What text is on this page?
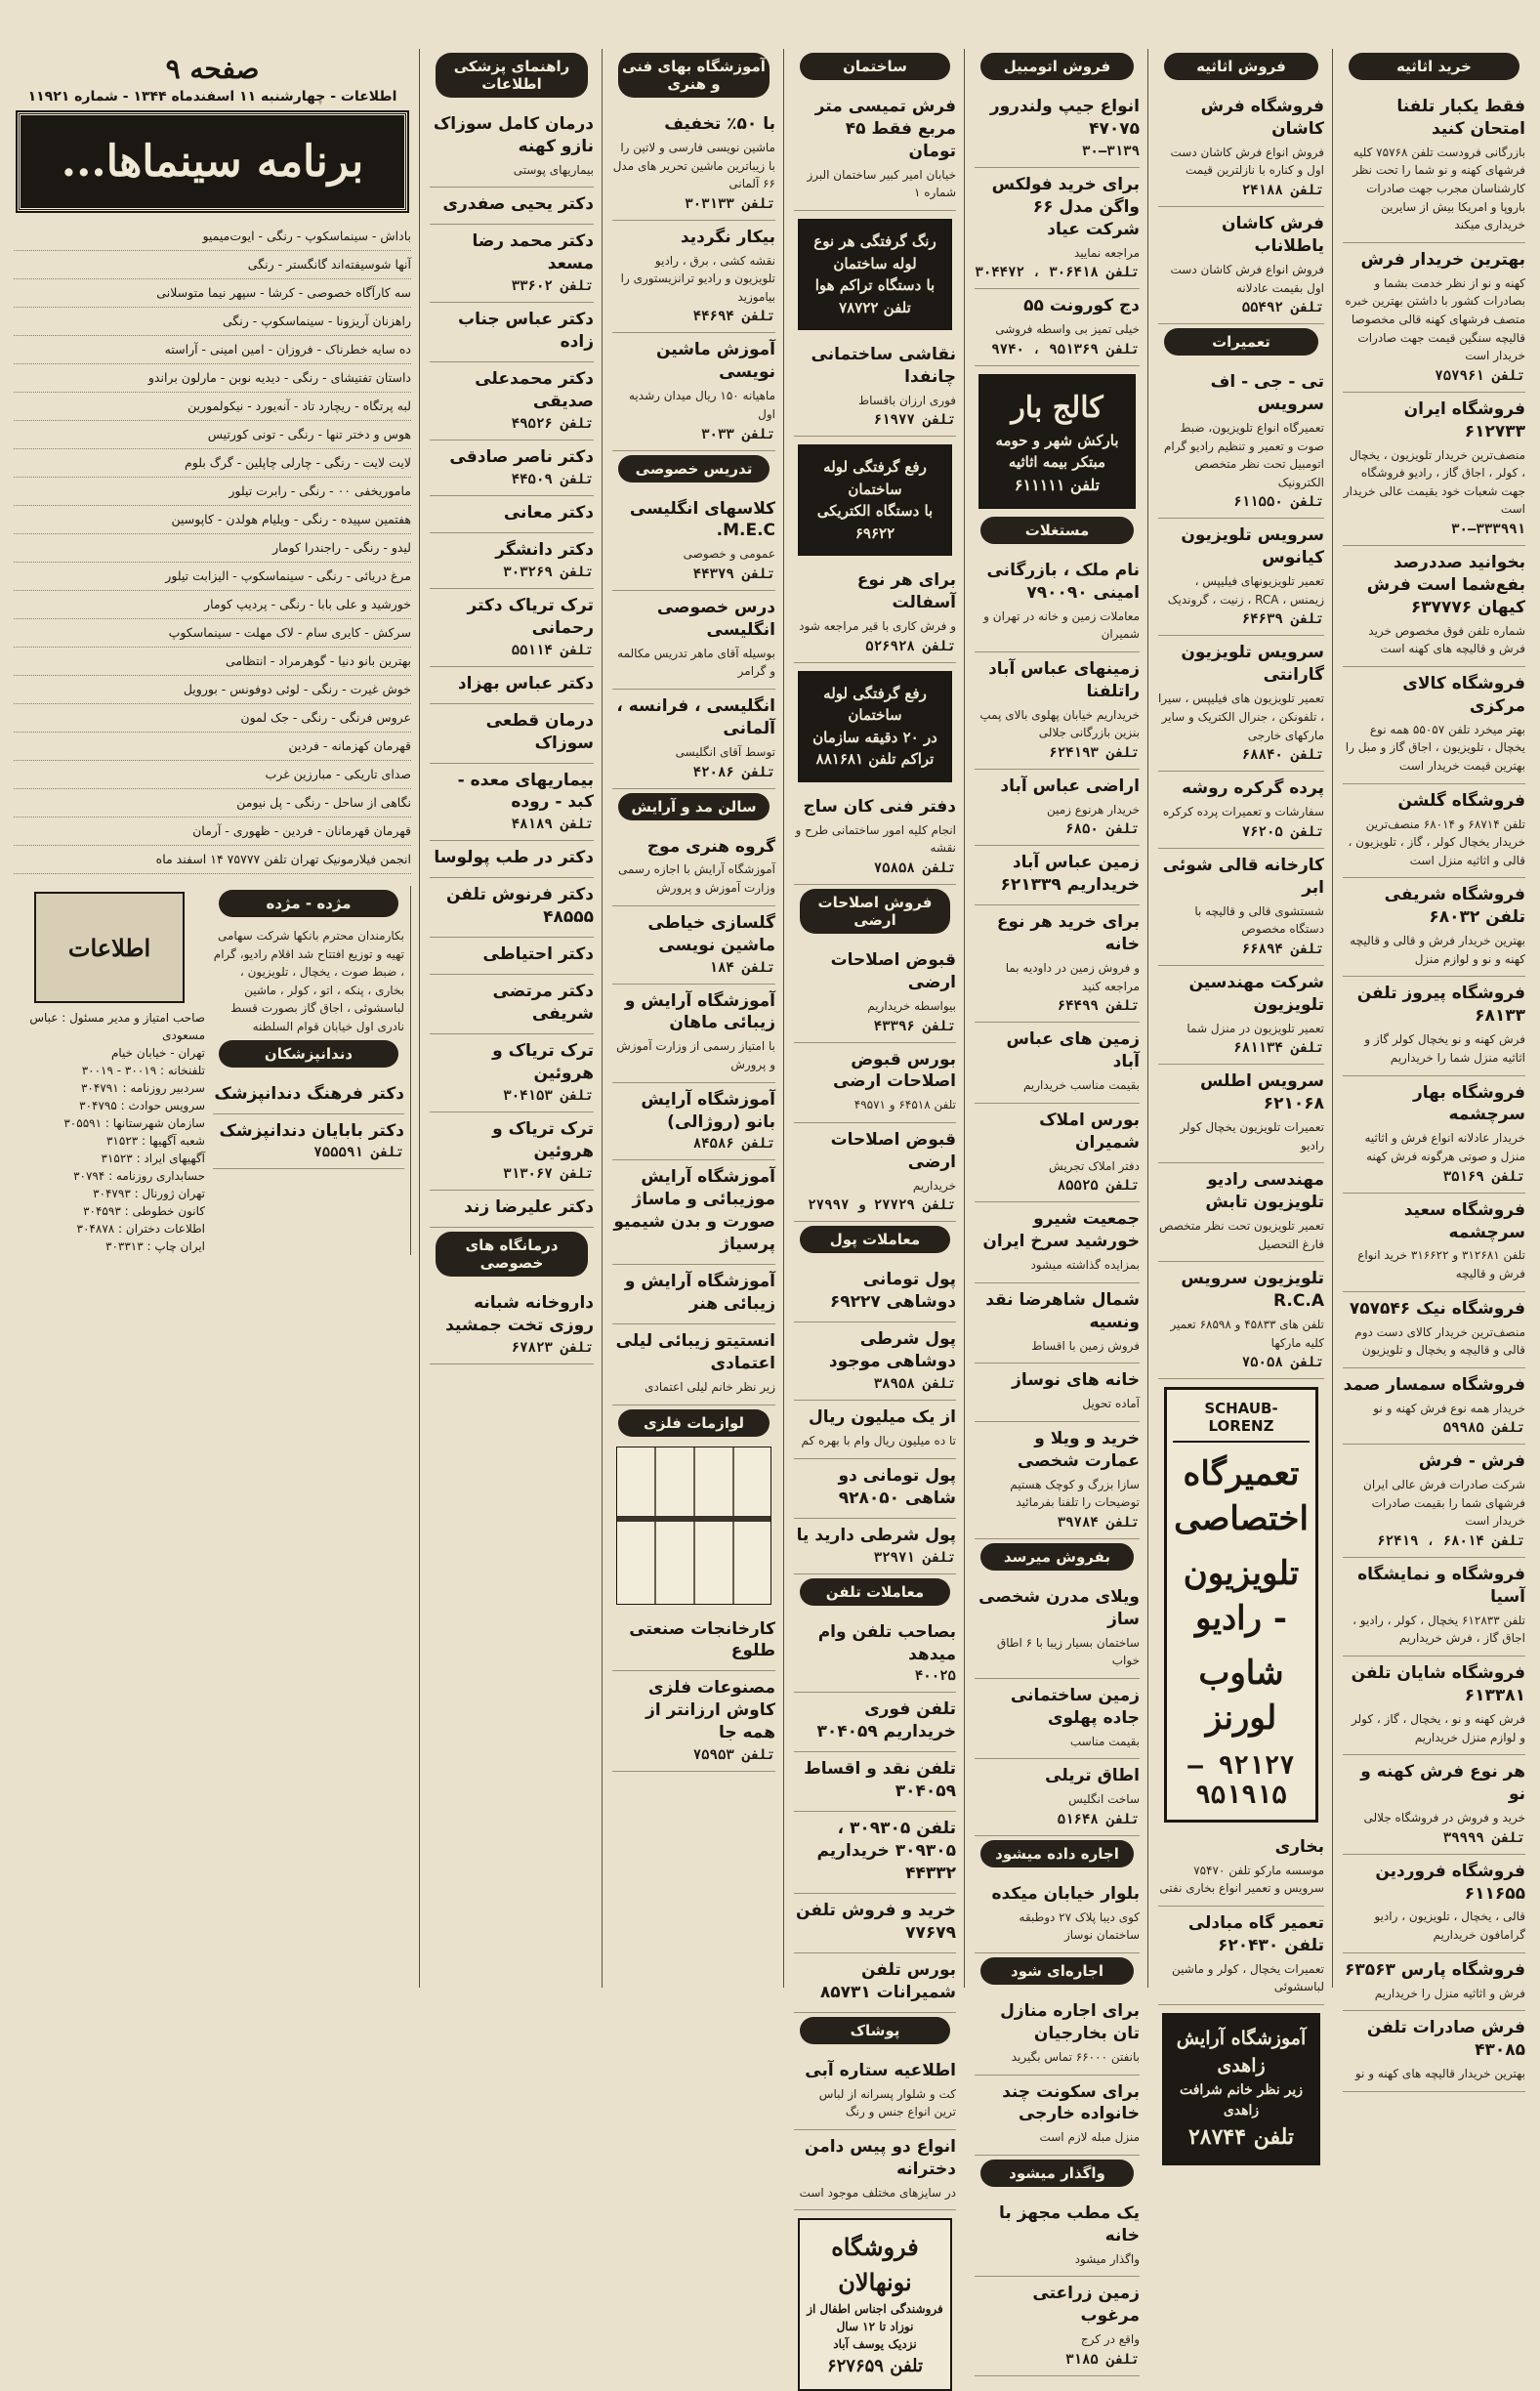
خرید اثاثیه
فقط یکبار تلفنا امتحان کنید
بازرگانی فرودست تلفن ۷۵۷۶۸ کلیه فرشهای کهنه و نو شما را تحت نظر کارشناسان مجرب جهت صادرات باروپا و امریکا بیش از سایرین خریداری میکند
بهترین خریدار فرش
کهنه و نو از نظر خدمت بشما و بصادرات کشور با داشتن بهترین خبره متصف فرشهای کهنه قالی مخصوصا قالیچه سنگین قیمت جهت صادرات خریدار است
تلفن ۷۵۷۹۶۱
فروشگاه ایران ۶۱۲۷۳۳
منصف‌ترین خریدار تلویزیون ، یخچال ، کولر ، اجاق گاز ، رادیو فروشگاه جهت شعبات خود بقیمت عالی خریدار است
۳۳۳۹۹۱—۳۰
بخوانید صددرصد بفع‌شما است فرش کیهان ۶۳۷۷۷۶
شماره تلفن فوق مخصوص خرید فرش و قالیچه های کهنه است
فروشگاه کالای مرکزی
بهتر میخرد تلفن ۵۵۰۵۷ همه نوع یخچال ، تلویزیون ، اجاق گاز و مبل را بهترین قیمت خریدار است
فروشگاه گلشن
تلفن ۶۸۷۱۴ و ۶۸۰۱۴ منصف‌ترین خریدار یخچال کولر ، گاز ، تلویزیون ، قالی و اثاثیه منزل است
فروشگاه شریفی تلفن ۶۸۰۳۲
بهترین خریدار فرش و قالی و قالیچه کهنه و نو و لوازم منزل
فروشگاه پیروز تلفن ۶۸۱۳۳
فرش کهنه و نو یخچال کولر گاز و اثاثیه منزل شما را خریداریم
فروشگاه بهار سرچشمه
خریدار عادلانه انواع فرش و اثاثیه منزل و صوتی هرگونه فرش کهنه
تلفن ۳۵۱۶۹
فروشگاه سعید سرچشمه
تلفن ۳۱۲۶۸۱ و ۳۱۶۶۲۲ خرید انواع فرش و قالیچه
فروشگاه نیک ۷۵۷۵۴۶
منصف‌ترین خریدار کالای دست دوم قالی و قالیچه و یخچال و تلویزیون
فروشگاه سمسار صمد
خریدار همه نوع فرش کهنه و نو
تلفن ۵۹۹۸۵
فرش - فرش
شرکت صادرات فرش عالی ایران فرشهای شما را بقیمت صادرات خریدار است
تلفن ۶۸۰۱۴ ، ۶۲۴۱۹
فروشگاه و نمایشگاه آسیا
تلفن ۶۱۲۸۳۳ یخچال ، کولر ، رادیو ، اجاق گاز ، فرش خریداریم
فروشگاه شایان تلفن ۶۱۳۳۸۱
فرش کهنه و نو ، یخچال ، گاز ، کولر و لوازم منزل خریداریم
هر نوع فرش کهنه و نو
خرید و فروش در فروشگاه جلالی
تلفن ۳۹۹۹۹
فروشگاه فروردین ۶۱۱۶۵۵
قالی ، یخچال ، تلویزیون ، رادیو گرامافون خریداریم
فروشگاه پارس ۶۳۵۶۳
فرش و اثاثیه منزل را خریداریم
فرش صادرات تلفن ۴۳۰۸۵
بهترین خریدار قالیچه های کهنه و نو
فروش اثاثیه
فروشگاه فرش کاشان
فروش انواع فرش کاشان دست اول و کناره با نازلترین قیمت
تلفن ۲۴۱۸۸
فرش کاشان یاطلاناب
فروش انواع فرش کاشان دست اول بقیمت عادلانه
تلفن ۵۵۴۹۲
تعمیرات
تی - جی - اف سرویس
تعمیرگاه انواع تلویزیون، ضبط صوت و تعمیر و تنظیم رادیو گرام اتومبیل تحت نظر متخصص الکترونیک
تلفن ۶۱۱۵۵۰
سرویس تلویزیون کیانوس
تعمیر تلویزیونهای فیلیپس ، زیمنس ، RCA ، زنیت ، گروندیک
تلفن ۶۴۶۳۹
سرویس تلویزیون گارانتی
تعمیر تلویزیون های فیلیپس ، سیرا ، تلفونکن ، جنرال الکتریک و سایر مارکهای خارجی
تلفن ۶۸۸۴۰
پرده گرکره روشه
سفارشات و تعمیرات پرده کرکره
تلفن ۷۶۲۰۵
کارخانه قالی شوئی ابر
شستشوی قالی و قالیچه با دستگاه مخصوص
تلفن ۶۶۸۹۴
شرکت مهندسین تلویزیون
تعمیر تلویزیون در منزل شما
تلفن ۶۸۱۱۳۴
سرویس اطلس ۶۲۱۰۶۸
تعمیرات تلویزیون یخچال کولر رادیو
مهندسی رادیو تلویزیون تابش
تعمیر تلویزیون تحت نظر متخصص فارغ التحصیل
تلویزیون سرویس R.C.A
تلفن های ۴۵۸۳۳ و ۶۸۵۹۸ تعمیر کلیه مارکها
تلفن ۷۵۰۵۸
SCHAUB-LORENZ
تعمیرگاه اختصاصی
تلویزیون - رادیو
شاوب لورنز
۹۲۱۲۷ — ۹۵۱۹۱۵
بخاری
موسسه مارکو تلفن ۷۵۴۷۰ سرویس و تعمیر انواع بخاری نفتی
تعمیر گاه مبادلی تلفن ۶۲۰۴۳۰
تعمیرات یخچال ، کولر و ماشین لباسشوئی
آموزشگاه آرایش زاهدی
زیر نظر خانم شرافت زاهدی
تلفن ۲۸۷۴۴
فروش اتومبیل
انواع جیپ ولندرور ۴۷۰۷۵
۳۱۳۹—۳۰
برای خرید فولکس واگن مدل ۶۶ شرکت عیاد
مراجعه نمایید
تلفن ۳۰۶۴۱۸ ، ۳۰۴۴۷۲
دج کورونت ۵۵
خیلی تمیز بی واسطه فروشی
تلفن ۹۵۱۳۶۹ ، ۹۷۴۰
کالج بار
بارکش شهر و حومه
مبتکر بیمه اثاثیه
تلفن ۶۱۱۱۱۱
مستغلات
نام ملک ، بازرگانی امینی ۷۹۰۰۹۰
معاملات زمین و خانه در تهران و شمیران
زمینهای عباس آباد راتلفنا
خریداریم خیابان پهلوی بالای پمپ بنزین بازرگانی جلالی
تلفن ۶۲۴۱۹۳
اراضی عباس آباد
خریدار هرنوع زمین
تلفن ۶۸۵۰
زمین عباس آباد خریداریم ۶۲۱۳۳۹
برای خرید هر نوع خانه
و فروش زمین در داودیه بما مراجعه کنید
تلفن ۶۴۴۹۹
زمین های عباس آباد
بقیمت مناسب خریداریم
بورس املاک شمیران
دفتر املاک تجریش
تلفن ۸۵۵۲۵
جمعیت شیرو خورشید سرخ ایران
بمزایده گذاشته میشود
شمال شاهرضا نقد ونسیه
فروش زمین با اقساط
خانه های نوساز
آماده تحویل
خرید و ویلا و عمارت شخصی
سازا بزرگ و کوچک هستیم توضیحات را تلفنا بفرمائید
تلفن ۳۹۷۸۴
بفروش میرسد
ویلای مدرن شخصی ساز
ساختمان بسیار زیبا با ۶ اطاق خواب
زمین ساختمانی جاده پهلوی
بقیمت مناسب
اطاق تریلی
ساخت انگلیس
تلفن ۵۱۶۴۸
اجاره داده میشود
بلوار خیابان میکده
کوی دیبا پلاک ۲۷ دوطبقه ساختمان نوساز
اجاره‌ای شود
برای اجاره منازل تان بخارجیان
بانفتن ۶۶۰۰۰ تماس بگیرید
برای سکونت چند خانواده خارجی
منزل مبله لازم است
واگذار میشود
یک مطب مجهز با خانه
واگذار میشود
زمین زراعتی مرغوب
واقع در کرج
تلفن ۳۱۸۵
ساختمان
فرش تمیسی متر مربع فقط ۴۵ تومان
خیابان امیر کبیر ساختمان البرز شماره ۱
رنگ گرفتگی هر نوع لوله ساختمان
با دستگاه تراکم هوا تلفن ۷۸۷۲۲
نقاشی ساختمانی چانفدا
فوری ارزان باقساط
تلفن ۶۱۹۷۷
رفع گرفتگی لوله ساختمان
با دستگاه الکتریکی ۶۹۶۲۲
برای هر نوع آسفالت
و فرش کاری با قیر مراجعه شود
تلفن ۵۲۶۹۲۸
رفع گرفتگی لوله ساختمان
در ۲۰ دقیقه سازمان تراکم تلفن ۸۸۱۶۸۱
دفتر فنی کان ساج
انجام کلیه امور ساختمانی طرح و نقشه
تلفن ۷۵۸۵۸
فروش اصلاحات ارضی
قبوض اصلاحات ارضی
بیواسطه خریداریم
تلفن ۴۳۳۹۶
بورس قبوض اصلاحات ارضی
تلفن ۶۴۵۱۸ و ۴۹۵۷۱
قبوض اصلاحات ارضی
خریداریم
تلفن ۲۷۷۲۹ و ۲۷۹۹۷
معاملات پول
پول تومانی دوشاهی ۶۹۲۲۷
پول شرطی دوشاهی موجود
تلفن ۳۸۹۵۸
از یک میلیون ریال
تا ده میلیون ریال وام با بهره کم
پول تومانی دو شاهی ۹۲۸۰۵۰
پول شرطی دارید یا
تلفن ۳۲۹۷۱
معاملات تلفن
بصاحب تلفن وام میدهد
۴۰۰۲۵
تلفن فوری خریداریم ۳۰۴۰۵۹
تلفن نقد و اقساط ۳۰۴۰۵۹
تلفن ۳۰۹۳۰۵ ، ۳۰۹۳۰۵ خریداریم ۴۴۳۳۲
خرید و فروش تلفن ۷۷۶۷۹
بورس تلفن شمیرانات ۸۵۷۳۱
پوشاک
اطلاعیه ستاره آبی
کت و شلوار پسرانه از لباس ترین انواع جنس و رنگ
انواع دو پیس دامن دخترانه
در سایزهای مختلف موجود است
فروشگاه نونهالان
فروشندگی اجناس اطفال از نوزاد تا ۱۲ سال
نزدیک یوسف آباد
تلفن ۶۲۷۶۵۹
آموزشگاه بهای فنی و هنری
با ۵۰٪ تخفیف
ماشین نویسی فارسی و لاتین را با زیباترین ماشین تحریر های مدل ۶۶ آلمانی
تلفن ۳۰۳۱۳۳
بیکار نگردید
نقشه کشی ، برق ، رادیو تلویزیون و رادیو ترانزیستوری را بیاموزید
تلفن ۴۴۶۹۴
آموزش ماشین نویسی
ماهیانه ۱۵۰ ریال میدان رشدیه اول
تلفن ۳۰۳۳
تدریس خصوصی
کلاسهای انگلیسی M.E.C.
عمومی و خصوصی
تلفن ۴۴۳۷۹
درس خصوصی انگلیسی
بوسیله آقای ماهر تدریس مکالمه و گرامر
انگلیسی ، فرانسه ، آلمانی
توسط آقای انگلیسی
تلفن ۴۲۰۸۶
سالن مد و آرایش
گروه هنری موج
آموزشگاه آرایش با اجازه رسمی وزارت آموزش و پرورش
گلسازی خیاطی ماشین نویسی
تلفن ۱۸۴
آموزشگاه آرایش و زیبائی ماهان
با امتیاز رسمی از وزارت آموزش و پرورش
آموزشگاه آرایش بانو (روژالی)
تلفن ۸۴۵۸۶
آموزشگاه آرایش موزیبائی و ماساژ صورت و بدن شیمیو پرسیاژ
آموزشگاه آرایش و زیبائی هنر
انستیتو زیبائی لیلی اعتمادی
زیر نظر خانم لیلی اعتمادی
لوازمات فلزی
کارخانجات صنعتی طلوع
مصنوعات فلزی کاوش ارزانتر از همه جا
تلفن ۷۵۹۵۳
راهنمای پزشکی اطلاعات
درمان کامل سوزاک نازو کهنه
بیماریهای پوستی
دکتر یحیی صفدری
دکتر محمد رضا مسعد
تلفن ۳۳۶۰۲
دکتر عباس جناب زاده
دکتر محمدعلی صدیقی
تلفن ۴۹۵۲۶
دکتر ناصر صادقی
تلفن ۴۴۵۰۹
دکتر معانی
دکتر دانشگر
تلفن ۳۰۳۲۶۹
ترک تریاک دکتر رحمانی
تلفن ۵۵۱۱۴
دکتر عباس بهزاد
درمان قطعی سوزاک
بیماریهای معده - کبد - روده
تلفن ۴۸۱۸۹
دکتر در طب پولوسا
دکتر فرنوش تلفن ۴۸۵۵۵
دکتر احتیاطی
دکتر مرتضی شریفی
ترک تریاک و هروئین
تلفن ۳۰۴۱۵۳
ترک تریاک و هروئین
تلفن ۳۱۳۰۶۷
دکتر علیرضا زند
درمانگاه های خصوصی
داروخانه شبانه روزی تخت جمشید
تلفن ۶۷۸۲۳
صفحه ۹
اطلاعات - چهارشنبه ۱۱ اسفندماه ۱۳۴۴ - شماره ۱۱۹۲۱
برنامه سینماها...
باداش - سینماسکوپ - رنگی - ایوت‌میمیو
آنها شوسیفته‌اند گانگستر - رنگی
سه کارآگاه خصوصی - کرشا - سپهر نیما متوسلانی
راهزنان آریزونا - سینماسکوپ - رنگی
ده سایه خطرناک - فروزان - امین امینی - آراسته
داستان تفتیشای - رنگی - دیدیه نوبن - مارلون براندو
لبه پرتگاه - ریچارد تاد - آنه‌یورد - نیکولمورین
هوس و دختر تنها - رنگی - تونی کورتیس
لایت لایت - رنگی - چارلی چاپلین - گرگ بلوم
ماموریخفی ۰۰ - رنگی - رابرت تیلور
هفتمین سپیده - رنگی - ویلیام هولدن - کاپوسین
لیدو - رنگی - راجندرا کومار
مرغ دریائی - رنگی - سینماسکوپ - الیزابت تیلور
خورشید و علی بابا - رنگی - پردیپ کومار
سرکش - کایری سام - لاک مهلت - سینماسکوپ
بهترین بانو دنیا - گوهرمراد - انتظامی
خوش غیرت - رنگی - لوئی دوفونس - بورویل
عروس فرنگی - رنگی - جک لمون
قهرمان کهزمانه - فردین
صدای تاریکی - مبارزین غرب
نگاهی از ساحل - رنگی - پل نیومن
قهرمان قهرمانان - فردین - ظهوری - آرمان
انجمن فیلارمونیک تهران تلفن ۷۵۷۷۷ ۱۴ اسفند ماه
اطلاعات
صاحب امتیاز و مدیر مسئول : عباس مسعودی
تهران - خیابان خیام
تلفنخانه : ۳۰۰۱۹ - ۳۰۰۱۹
سردبیر روزنامه : ۳۰۴۷۹۱
سرویس حوادث : ۳۰۴۷۹۵
سازمان شهرستانها : ۳۰۵۵۹۱
شعبه آگهیها : ۳۱۵۲۳
آگهیهای ایراد : ۳۱۵۲۳
حسابداری روزنامه : ۳۰۷۹۴
تهران ژورنال : ۳۰۴۷۹۳
کانون خطوطی : ۳۰۴۵۹۳
اطلاعات دختران : ۳۰۴۸۷۸
ایران چاپ : ۳۰۳۳۱۳
مژده - مژده
بکارمندان محترم بانکها شرکت سهامی تهیه و توزیع افتتاح شد اقلام رادیو، گرام ، ضبط صوت ، یخچال ، تلویزیون ، بخاری ، پنکه ، اتو ، کولر ، ماشین لباسشوئی ، اجاق گاز بصورت قسط نادری اول خیابان قوام السلطنه
دندانپزشکان
دکتر فرهنگ دندانپزشک
دکتر بابایان دندانپزشک
تلفن ۷۵۵۵۹۱
